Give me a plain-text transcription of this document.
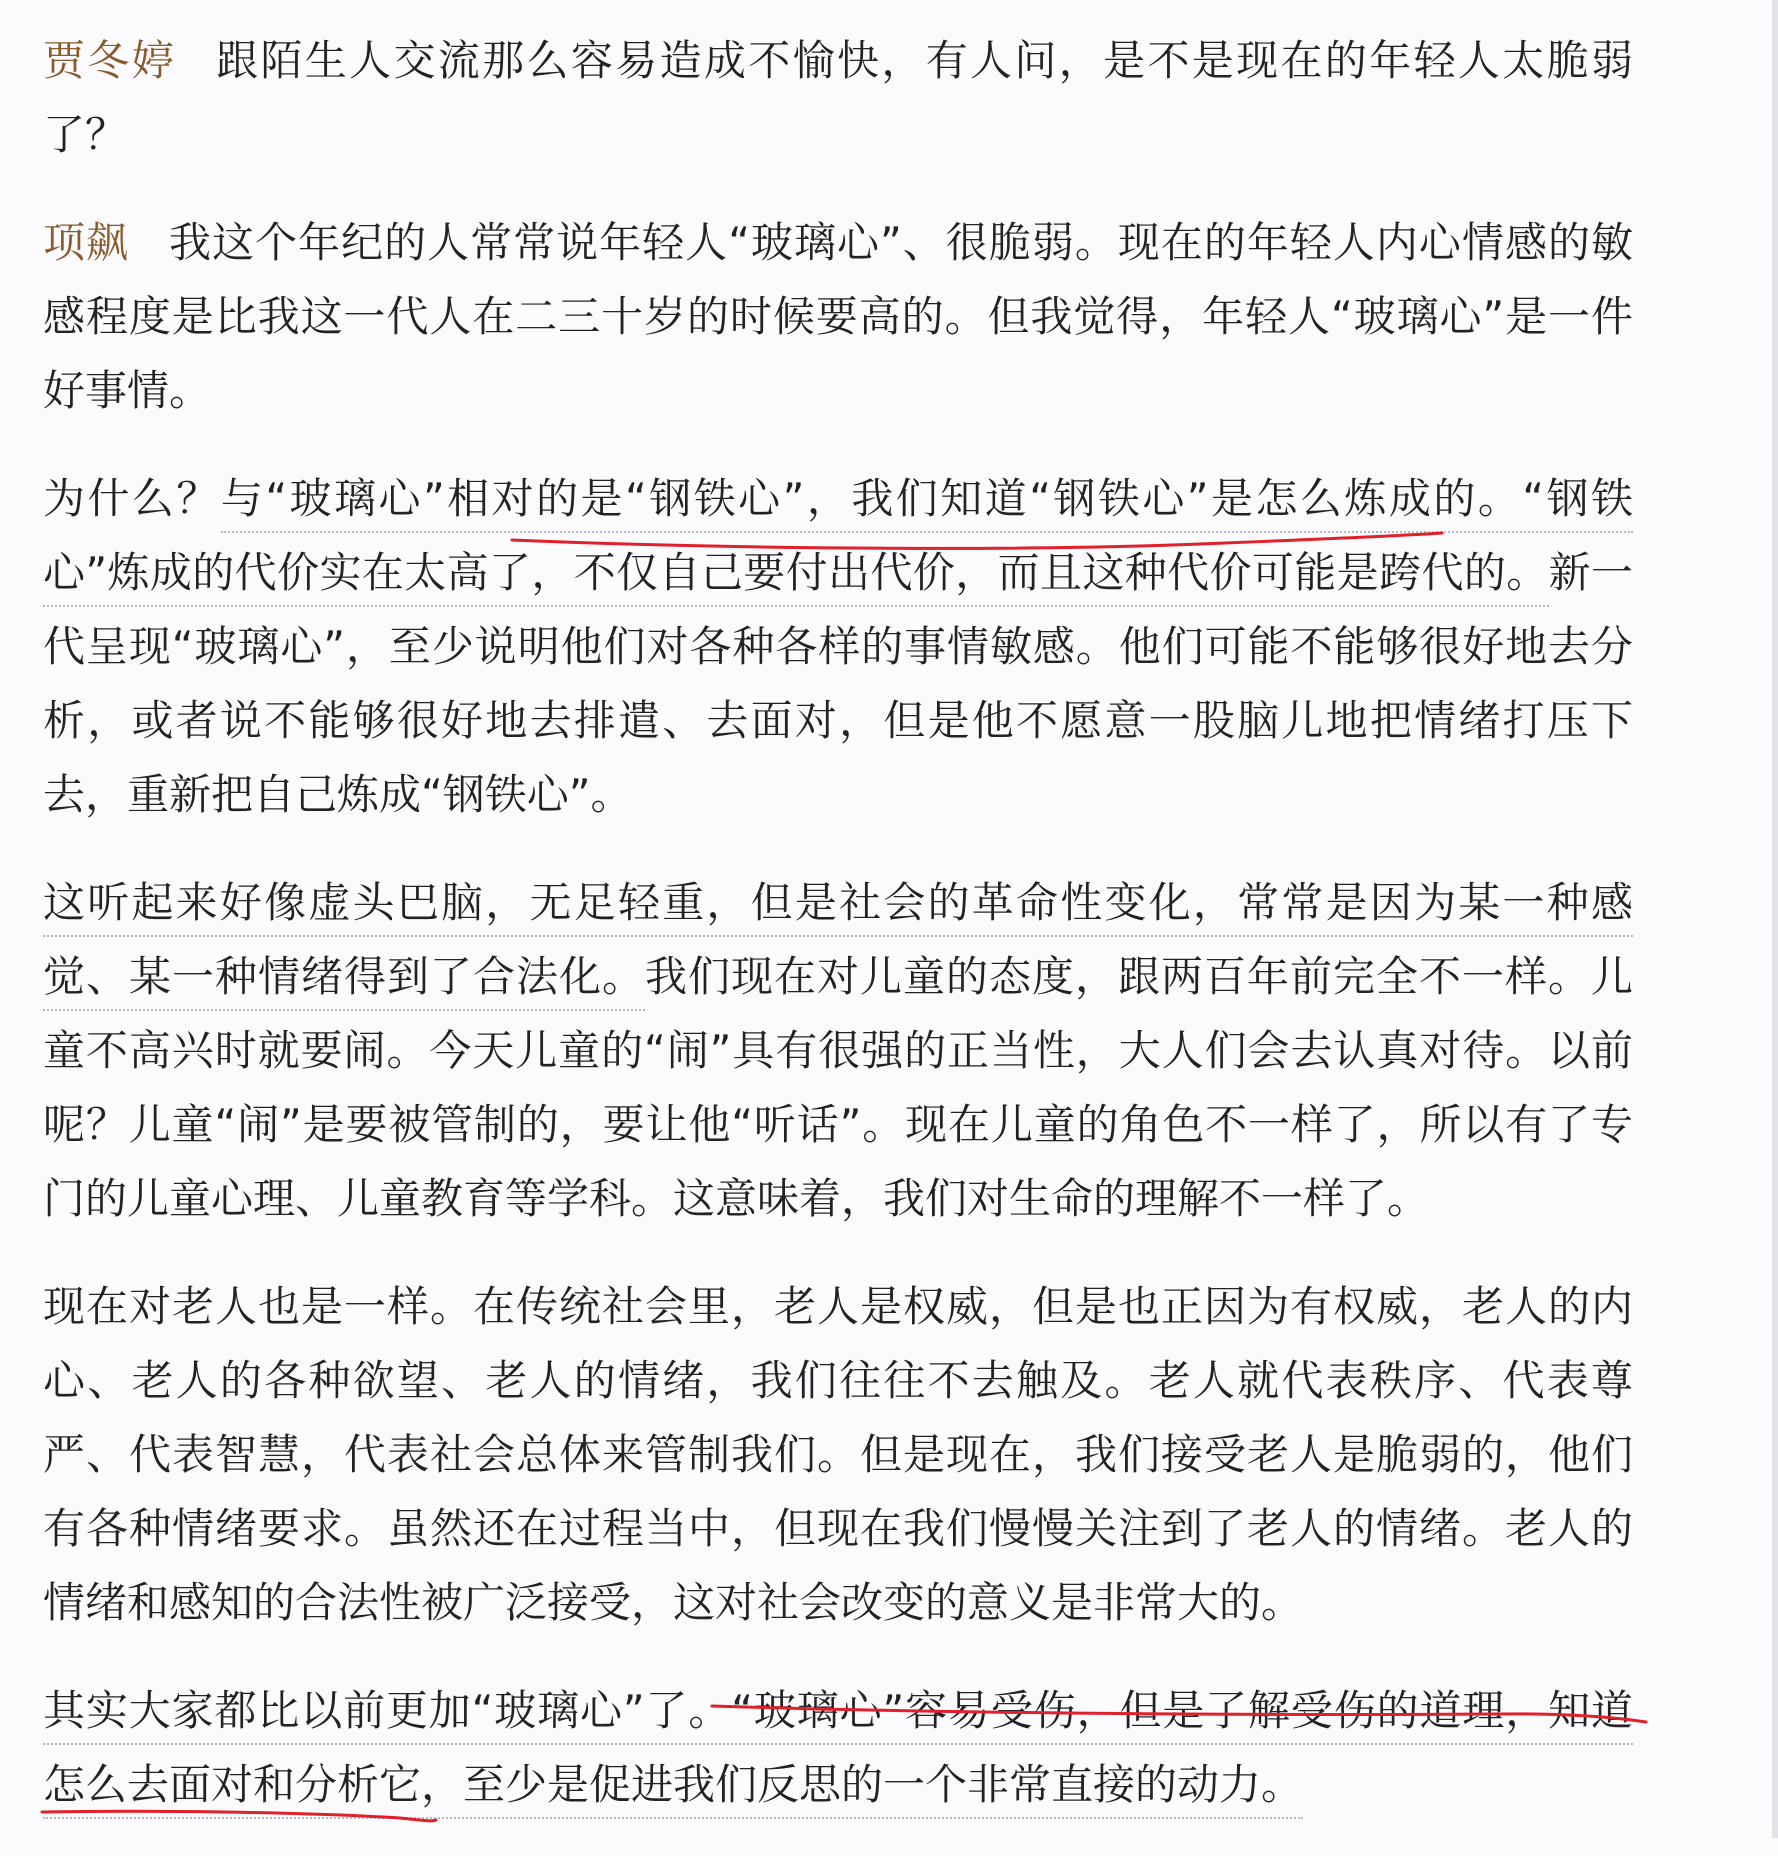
贾冬婷 跟陌生人交流那么容易造成不愉快，有人问，是不是现在的年轻人太脆弱了？

项飙 我这个年纪的人常常说年轻人“玻璃心”、很脆弱。现在的年轻人内心情感的敏感程度是比我这一代人在二三十岁的时候要高的。但我觉得，年轻人“玻璃心”是一件好事情。

为什么？与“玻璃心”相对的是“钢铁心”，我们知道“钢铁心”是怎么炼成的。“钢铁心”炼成的代价实在太高了，不仅自己要付出代价，而且这种代价可能是跨代的。新一代呈现“玻璃心”，至少说明他们对各种各样的事情敏感。他们可能不能够很好地去分析，或者说不能够很好地去排遣、去面对，但是他不愿意一股脑儿地把情绪打压下去，重新把自己炼成“钢铁心”。

这听起来好像虚头巴脑，无足轻重，但是社会的革命性变化，常常是因为某一种感觉、某一种情绪得到了合法化。我们现在对儿童的态度，跟两百年前完全不一样。儿童不高兴时就要闹。今天儿童的“闹”具有很强的正当性，大人们会去认真对待。以前呢？儿童“闹”是要被管制的，要让他“听话”。现在儿童的角色不一样了，所以有了专门的儿童心理、儿童教育等学科。这意味着，我们对生命的理解不一样了。

现在对老人也是一样。在传统社会里，老人是权威，但是也正因为有权威，老人的内心、老人的各种欲望、老人的情绪，我们往往不去触及。老人就代表秩序、代表尊严、代表智慧，代表社会总体来管制我们。但是现在，我们接受老人是脆弱的，他们有各种情绪要求。虽然还在过程当中，但现在我们慢慢关注到了老人的情绪。老人的情绪和感知的合法性被广泛接受，这对社会改变的意义是非常大的。

其实大家都比以前更加“玻璃心”了。“玻璃心”容易受伤，但是了解受伤的道理，知道怎么去面对和分析它，至少是促进我们反思的一个非常直接的动力。
